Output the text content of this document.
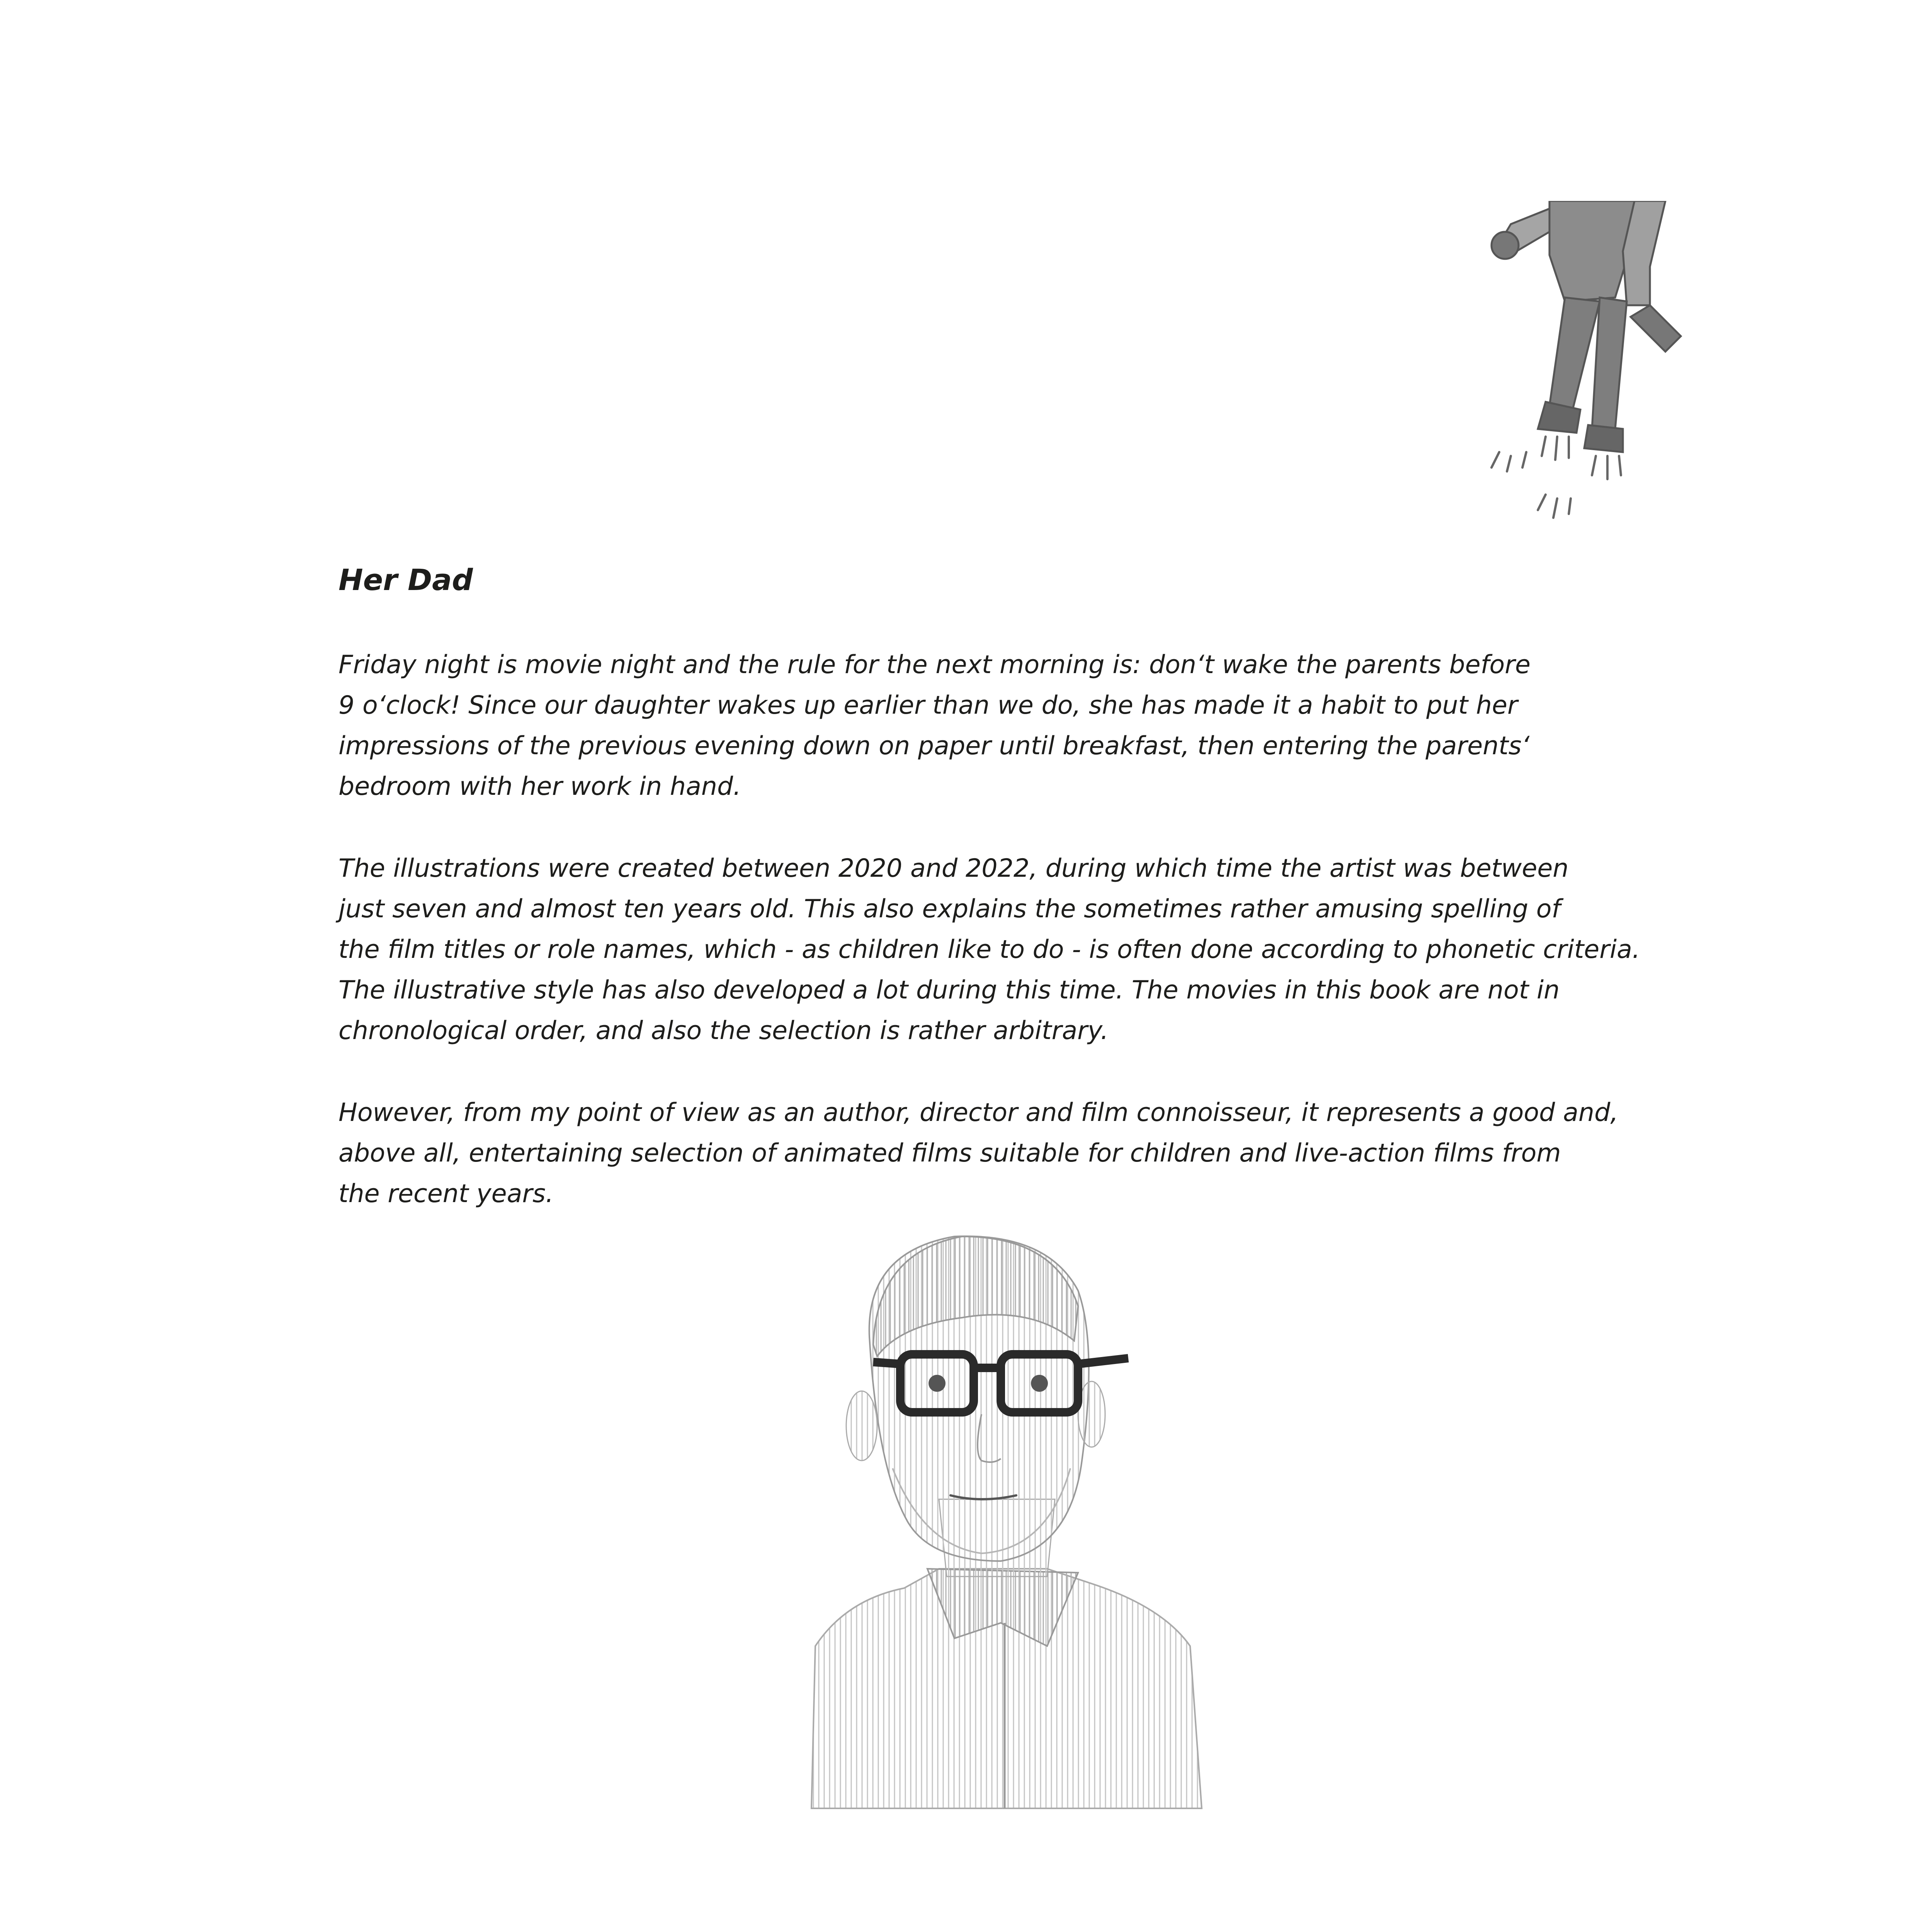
Her Dad

Friday night is movie night and the rule for the next morning is: don‘t wake the parents before
9 o‘clock! Since our daughter wakes up earlier than we do, she has made it a habit to put her
impressions of the previous evening down on paper until breakfast, then entering the parents‘
bedroom with her work in hand.

The illustrations were created between 2020 and 2022, during which time the artist was between
just seven and almost ten years old. This also explains the sometimes rather amusing spelling of
the film titles or role names, which - as children like to do - is often done according to phonetic criteria.
The illustrative style has also developed a lot during this time. The movies in this book are not in
chronological order, and also the selection is rather arbitrary.

However, from my point of view as an author, director and film connoisseur, it represents a good and,
above all, entertaining selection of animated films suitable for children and live-action films from
the recent years.
